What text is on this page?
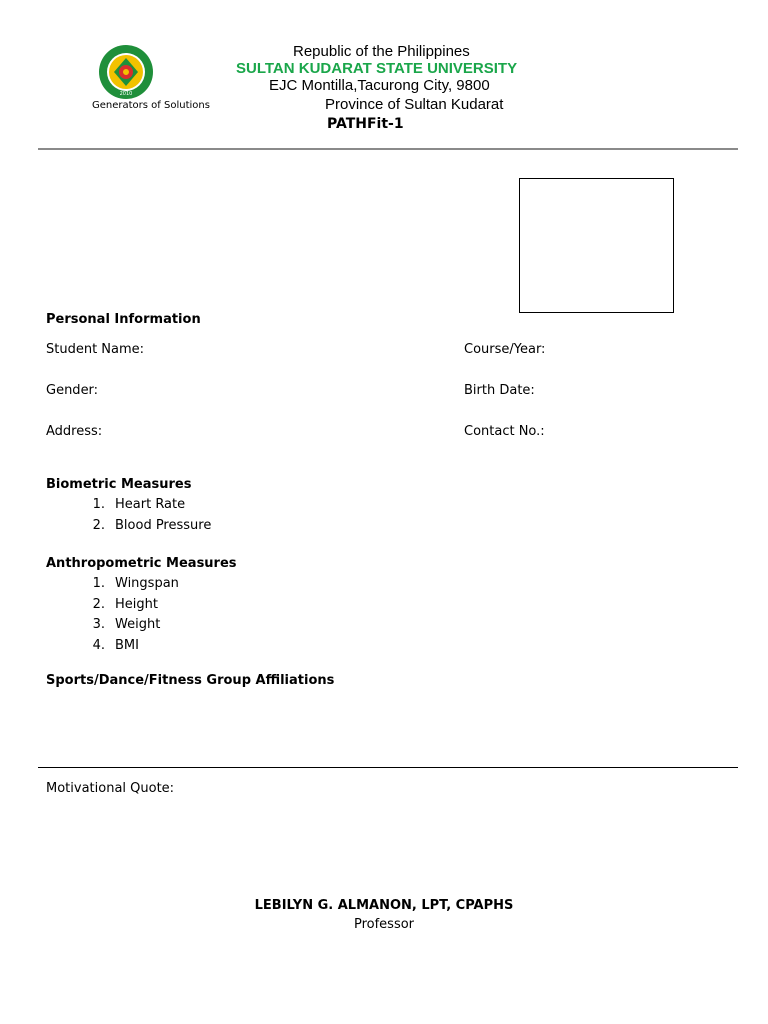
2010
Generators of Solutions
Republic of the Philippines
SULTAN KUDARAT STATE UNIVERSITY
EJC Montilla,Tacurong City, 9800
Province of Sultan Kudarat
PATHFit-1
Personal Information
Student Name:	Course/Year:
Gender:	Birth Date:
Address:	Contact No.:
Biometric Measures
1. Heart Rate
2. Blood Pressure
Anthropometric Measures
1. Wingspan
2. Height
3. Weight
4. BMI
Sports/Dance/Fitness Group Affiliations
Motivational Quote:
LEBILYN G. ALMANON, LPT, CPAPHS
Professor
